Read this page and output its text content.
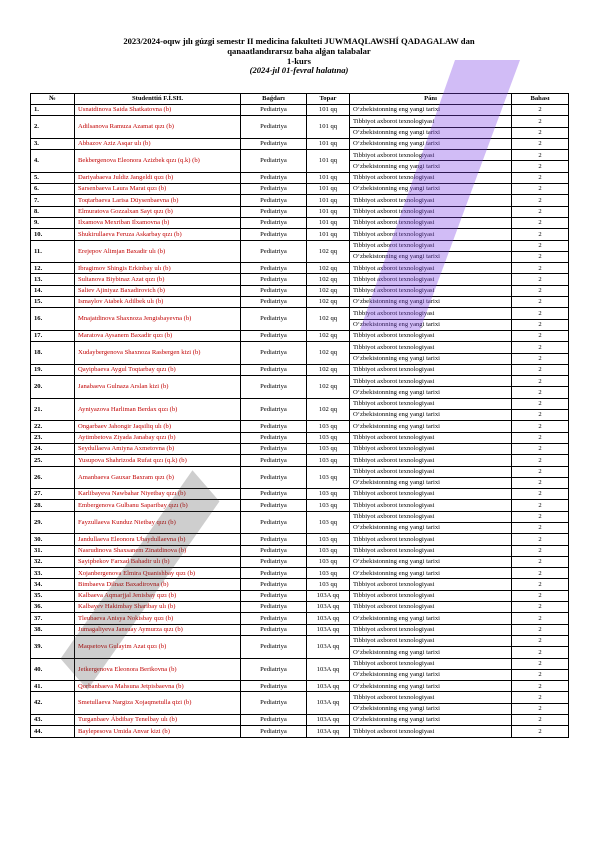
2023/2024-oqıw jılı gúzgi semestr II medicina fakulteti JUWMAQLAWSHÍ QADAGALAW dan
qanaatlandırarsız baha alǵan talabalar
1-kurs
(2024-jıl 01-fevral halatına)
№	Studenttiń F.Í.SH.	Baǵdarı	Topar	Pánı	Bahası
1.	Usnatdinova Saida Shatkatovna (b)	Pediatriya	101 qq	O‘zbekistonning eng yangi tarixi	2
2.	Adilsanova Ramuza Azamat qızı (b)	Pediatriya	101 qq	Tibbiyot axborot texnologiyasi	2
				O‘zbekistonning eng yangi tarixi	2
3.	Abbazov Aziz Asqar ulı (b)	Pediatriya	101 qq	O‘zbekistonning eng yangi tarixi	2
4.	Bekbergenova Eleonora Azizbek qızı (q.k) (b)	Pediatriya	101 qq	Tibbiyot axborot texnologiyasi	2
				O‘zbekistonning eng yangi tarixi	2
5.	Dariyabaeva Juldiz Jangeldi qızı (b)	Pediatriya	101 qq	Tibbiyot axborot texnologiyasi	2
6.	Sarsenbaeva Laura Marat qızı (b)	Pediatriya	101 qq	O‘zbekistonning eng yangi tarixi	2
7.	Toqtarbaeva Larisa Düysenbaevna (b)	Pediatriya	101 qq	Tibbiyot axborot texnologiyasi	2
8.	Elmuratova Gozzalxan Sayt qızı (b)	Pediatriya	101 qq	Tibbiyot axborot texnologiyasi	2
9.	Ilxamova Mexriban Ilxamovna (b)	Pediatriya	101 qq	Tibbiyot axborot texnologiyasi	2
10.	Shukirullaeva Feruza Askarbay qızı (b)	Pediatriya	101 qq	Tibbiyot axborot texnologiyasi	2
11.	Erejepov Alimjan Baxadir ulı (b)	Pediatriya	102 qq	Tibbiyot axborot texnologiyasi	2
				O‘zbekistonning eng yangi tarixi	2
12.	Ibragimov Shingis Erkinbay ulı (b)	Pediatriya	102 qq	Tibbiyot axborot texnologiyasi	2
13.	Sultanova Biybinaz Azat qızı (b)	Pediatriya	102 qq	Tibbiyot axborot texnologiyasi	2
14.	Saliev Ajiniyaz Baxadirovich (b)	Pediatriya	102 qq	Tibbiyot axborot texnologiyasi	2
15.	Ismaylov Atabek Adilbek ulı (b)	Pediatriya	102 qq	O‘zbekistonning eng yangi tarixi	2
16.	Mnajatdinova Shaxnoza Jengisbayevna (b)	Pediatriya	102 qq	Tibbiyot axborot texnologiyasi	2
				O‘zbekistonning eng yangi tarixi	2
17.	Maratova Aysanem Baxadir qızı (b)	Pediatriya	102 qq	Tibbiyot axborot texnologiyasi	2
18.	Xudaybergenova Shaxnoza Rasbergen kizi (b)	Pediatriya	102 qq	Tibbiyot axborot texnologiyasi	2
				O‘zbekistonning eng yangi tarixi	2
19.	Qayipbaeva Aygul Toqtarbay qızı (b)	Pediatriya	102 qq	Tibbiyot axborot texnologiyasi	2
20.	Janabaeva Gulnaza Arslan kizi (b)	Pediatriya	102 qq	Tibbiyot axborot texnologiyasi	2
				O‘zbekistonning eng yangi tarixi	2
21.	Ayniyazova Harliman Berdax qızı (b)	Pediatriya	102 qq	Tibbiyot axborot texnologiyasi	2
				O‘zbekistonning eng yangi tarixi	2
22.	Ongarbaev Jahongir Jaqsiliq ulı (b)	Pediatriya	103 qq	O‘zbekistonning eng yangi tarixi	2
23.	Aytimbetova Ziyada Janabay qızı (b)	Pediatriya	103 qq	Tibbiyot axborot texnologiyasi	2
24.	Seydullaeva Amiyna Axmetovna (b)	Pediatriya	103 qq	Tibbiyot axborot texnologiyasi	2
25.	Yusupova Shahrizoda Rufat qızı (q.k) (b)	Pediatriya	103 qq	Tibbiyot axborot texnologiyasi	2
26.	Amanbaeva Gauxar Baxram qızı (b)	Pediatriya	103 qq	Tibbiyot axborot texnologiyasi	2
				O‘zbekistonning eng yangi tarixi	2
27.	Karlibayeva Nawbahar Niyetbay qızı (b)	Pediatriya	103 qq	Tibbiyot axborot texnologiyasi	2
28.	Embergenova Gulbanu Saparibay qızı (b)	Pediatriya	103 qq	Tibbiyot axborot texnologiyasi	2
29.	Fayzullaeva Kunduz Nietbay qızı (b)	Pediatriya	103 qq	Tibbiyot axborot texnologiyasi	2
				O‘zbekistonning eng yangi tarixi	2
30.	Jandullaeva Eleonora Ubaydullaevna (b)	Pediatriya	103 qq	Tibbiyot axborot texnologiyasi	2
31.	Nasrudinova Shaxsanem Zinatdinova (b)	Pediatriya	103 qq	Tibbiyot axborot texnologiyasi	2
32.	Sayipbekov Farxad Bahadir ulı (b)	Pediatriya	103 qq	O‘zbekistonning eng yangi tarixi	2
33.	Xojanbergenova Elmira Quanishbay qızı (b)	Pediatriya	103 qq	O‘zbekistonning eng yangi tarixi	2
34.	Bimbaeva Dilnaz Baxadirovna (b)	Pediatriya	103 qq	Tibbiyot axborot texnologiyasi	2
35.	Kalbaeva Aqmarjjal Jenisbay qızı (b)	Pediatriya	103A qq	Tibbiyot axborot texnologiyasi	2
36.	Kalbayev Hakimbay Sharibay ulı (b)	Pediatriya	103A qq	Tibbiyot axborot texnologiyasi	2
37.	Tleubaeva Anisya Nokisbay qızı (b)	Pediatriya	103A qq	O‘zbekistonning eng yangi tarixi	2
38.	Jumagaliyeva Jansuay Aymurza qızı (b)	Pediatriya	103A qq	Tibbiyot axborot texnologiyasi	2
39.	Maqsetova Gulayim Azat qızı (b)	Pediatriya	103A qq	Tibbiyot axborot texnologiyasi	2
				O‘zbekistonning eng yangi tarixi	2
40.	Jetkergenova Eleonora Berikovna (b)	Pediatriya	103A qq	Tibbiyot axborot texnologiyasi	2
				O‘zbekistonning eng yangi tarixi	2
41.	Qorbanbaeva Mahsuna Jetpisbaevna (b)	Pediatriya	103A qq	O‘zbekistonning eng yangi tarixi	2
42.	Smetullaeva Nargiza Xojaqmetulla qizi (b)	Pediatriya	103A qq	Tibbiyot axborot texnologiyasi	2
				O‘zbekistonning eng yangi tarixi	2
43.	Turganbaev Ábdibay Tenelbay ulı (b)	Pediatriya	103A qq	O‘zbekistonning eng yangi tarixi	2
44.	Baylepesova Umida Anvar kizi (b)	Pediatriya	103A qq	Tibbiyot axborot texnologiyasi	2
